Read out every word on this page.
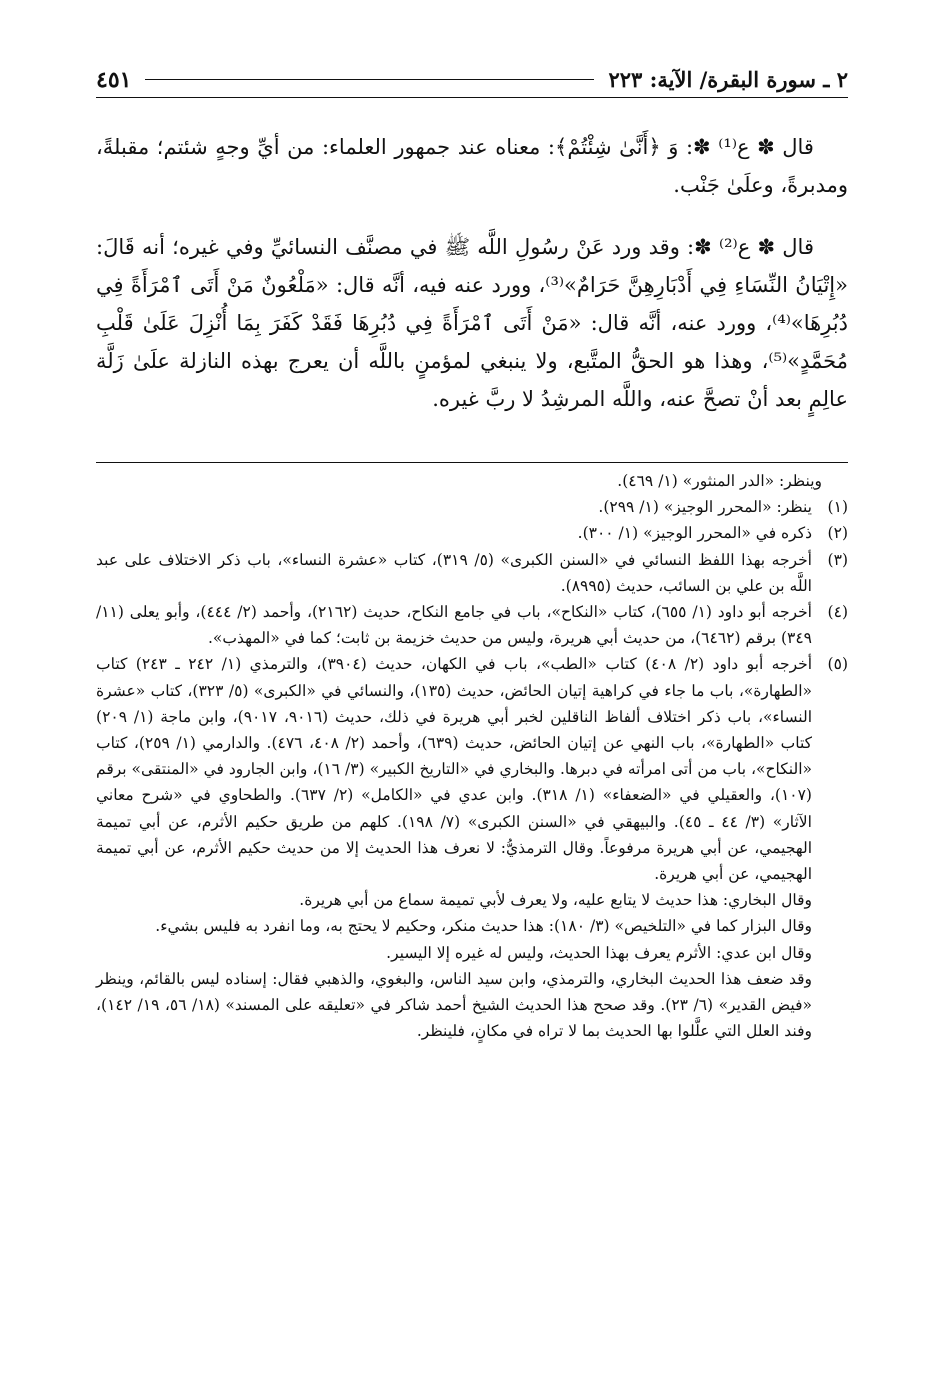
٢ ـ سورة البقرة/ الآية: ٢٢٣
٤٥١

قال ✽ ع⁽¹⁾ ✽: وَ ﴿أَنَّىٰ شِئْتُمْ﴾: معناه عند جمهور العلماء: من أيِّ وجهٍ شئتم؛ مقبلةً، ومدبرةً، وعلَىٰ جَنْب.

قال ✽ ع⁽²⁾ ✽: وقد ورد عَنْ رسُولِ اللَّه ﷺ في مصنَّف النسائيِّ وفي غيره؛ أنه قَالَ: «إِتْيَانُ النِّسَاءِ فِي أَدْبَارِهِنَّ حَرَامٌ»⁽³⁾، وورد عنه فيه، أنَّه قال: «مَلْعُونٌ مَنْ أَتَى ٱمْرَأَةً فِي دُبُرِهَا»⁽⁴⁾، وورد عنه، أنَّه قال: «مَنْ أَتَى ٱمْرَأَةً فِي دُبُرِهَا فَقَدْ كَفَرَ بِمَا أُنْزِلَ عَلَىٰ قَلْبِ مُحَمَّدٍ»⁽⁵⁾، وهذا هو الحقُّ المتَّبع، ولا ينبغي لمؤمنٍ باللَّه أن يعرج بهذه النازلة علَىٰ زَلَّة عالِمٍ بعد أنْ تصحَّ عنه، واللَّه المرشِدُ لا ربَّ غيره.

وينظر: «الدر المنثور» (١/ ٤٦٩).

(١)
ينظر: «المحرر الوجيز» (١/ ٢٩٩).
(٢)
ذكره في «المحرر الوجيز» (١/ ٣٠٠).
(٣)
أخرجه بهذا اللفظ النسائي في «السنن الكبرى» (٥/ ٣١٩)، كتاب «عشرة النساء»، باب ذكر الاختلاف على عبد اللَّه بن علي بن السائب، حديث (٨٩٩٥).
(٤)
أخرجه أبو داود (١/ ٦٥٥)، كتاب «النكاح»، باب في جامع النكاح، حديث (٢١٦٢)، وأحمد (٢/ ٤٤٤)، وأبو يعلى (١١/ ٣٤٩) برقم (٦٤٦٢)، من حديث أبي هريرة، وليس من حديث خزيمة بن ثابت؛ كما في «المهذب».
(٥)
أخرجه أبو داود (٢/ ٤٠٨) كتاب «الطب»، باب في الكهان، حديث (٣٩٠٤)، والترمذي (١/ ٢٤٢ ـ ٢٤٣) كتاب «الطهارة»، باب ما جاء في كراهية إتيان الحائض، حديث (١٣٥)، والنسائي في «الكبرى» (٥/ ٣٢٣)، كتاب «عشرة النساء»، باب ذكر اختلاف ألفاظ الناقلين لخبر أبي هريرة في ذلك، حديث (٩٠١٦، ٩٠١٧)، وابن ماجة (١/ ٢٠٩) كتاب «الطهارة»، باب النهي عن إتيان الحائض، حديث (٦٣٩)، وأحمد (٢/ ٤٠٨، ٤٧٦). والدارمي (١/ ٢٥٩)، كتاب «النكاح»، باب من أتى امرأته في دبرها. والبخاري في «التاريخ الكبير» (٣/ ١٦)، وابن الجارود في «المنتقى» برقم (١٠٧)، والعقيلي في «الضعفاء» (١/ ٣١٨). وابن عدي في «الكامل» (٢/ ٦٣٧). والطحاوي في «شرح معاني الآثار» (٣/ ٤٤ ـ ٤٥). والبيهقي في «السنن الكبرى» (٧/ ١٩٨). كلهم من طريق حكيم الأثرم، عن أبي تميمة الهجيمي، عن أبي هريرة مرفوعاً. وقال الترمذيُّ: لا نعرف هذا الحديث إلا من حديث حكيم الأثرم، عن أبي تميمة الهجيمي، عن أبي هريرة.

وقال البخاري: هذا حديث لا يتابع عليه، ولا يعرف لأبي تميمة سماع من أبي هريرة.

وقال البزار كما في «التلخيص» (٣/ ١٨٠): هذا حديث منكر، وحكيم لا يحتج به، وما انفرد به فليس بشيء.

وقال ابن عدي: الأثرم يعرف بهذا الحديث، وليس له غيره إلا اليسير.

وقد ضعف هذا الحديث البخاري، والترمذي، وابن سيد الناس، والبغوي، والذهبي فقال: إسناده ليس بالقائم، وينظر «فيض القدير» (٦/ ٢٣). وقد صحح هذا الحديث الشيخ أحمد شاكر في «تعليقه على المسند» (١٨/ ٥٦، ١٩/ ١٤٢)، وفند العلل التي علَّلوا بها الحديث بما لا تراه في مكانٍ، فلينظر.
